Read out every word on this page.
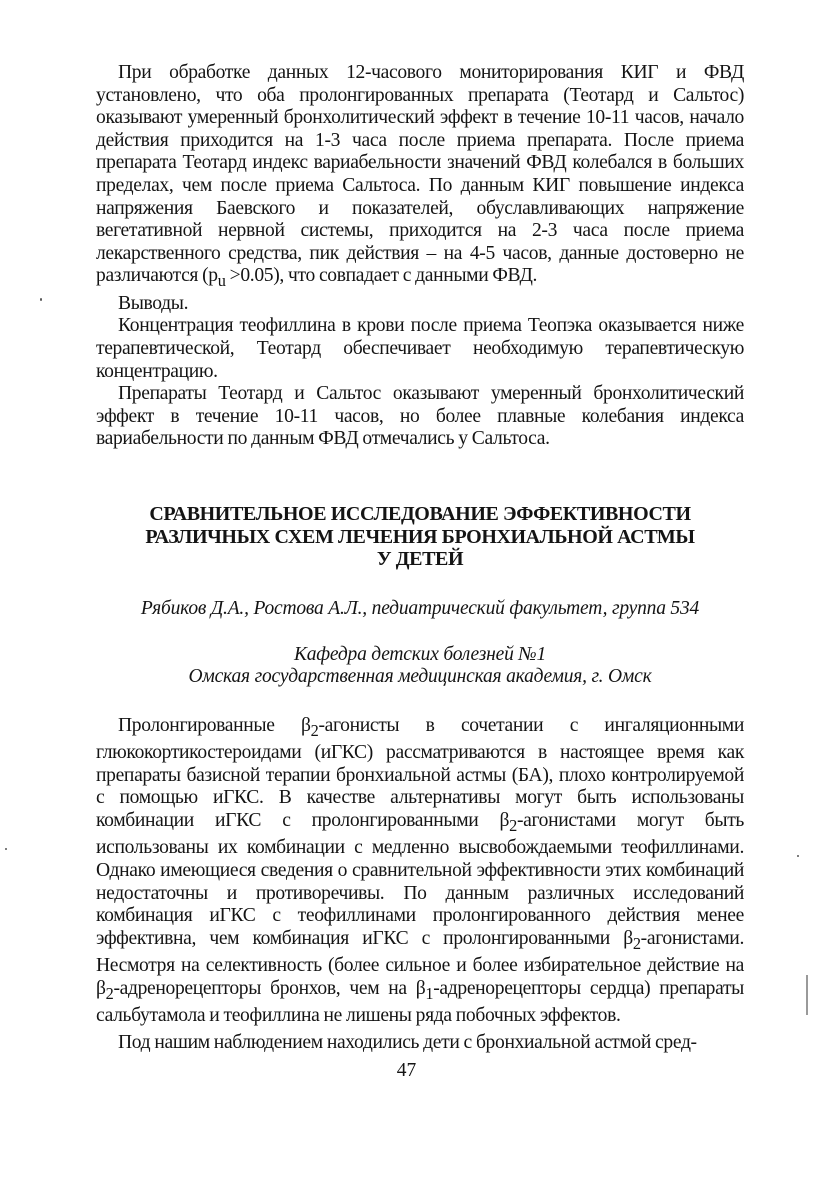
При обработке данных 12-часового мониторирования КИГ и ФВД установлено, что оба пролонгированных препарата (Теотард и Сальтос) оказывают умеренный бронхолитический эффект в течение 10-11 часов, начало действия приходится на 1-3 часа после приема препарата. После приема препарата Теотард индекс вариабельности значений ФВД колебался в больших пределах, чем после приема Сальтоса. По данным КИГ повышение индекса напряжения Баевского и показателей, обуславливающих напряжение вегетативной нервной системы, приходится на 2-3 часа после приема лекарственного средства, пик действия – на 4-5 часов, данные достоверно не различаются $(p_u >0.05)$, что совпадает с данными ФВД.

Выводы.

Концентрация теофиллина в крови после приема Теопэка оказывается ниже терапевтической, Теотард обеспечивает необходимую терапевтическую концентрацию.

Препараты Теотард и Сальтос оказывают умеренный бронхолитический эффект в течение 10-11 часов, но более плавные колебания индекса вариабельности по данным ФВД отмечались у Сальтоса.

СРАВНИТЕЛЬНОЕ ИССЛЕДОВАНИЕ ЭФФЕКТИВНОСТИ

РАЗЛИЧНЫХ СХЕМ ЛЕЧЕНИЯ БРОНХИАЛЬНОЙ АСТМЫ

У ДЕТЕЙ

Рябиков Д.А., Ростова А.Л., педиатрический факультет, группа 534

Кафедра детских болезней №1

Омская государственная медицинская академия, г. Омск

Пролонгированные $\beta_2$-агонисты в сочетании с ингаляционными глюкокортикостероидами (иГКС) рассматриваются в настоящее время как препараты базисной терапии бронхиальной астмы (БА), плохо контролируемой с помощью иГКС. В качестве альтернативы могут быть использованы комбинации иГКС с пролонгированными $\beta_2$-агонистами могут быть использованы их комбинации с медленно высвобождаемыми теофиллинами. Однако имеющиеся сведения о сравнительной эффективности этих комбинаций недостаточны и противоречивы. По данным различных исследований комбинация иГКС с теофиллинами пролонгированного действия менее эффективна, чем комбинация иГКС с пролонгированными $\beta_2$-агонистами. Несмотря на селективность (более сильное и более избирательное действие на $\beta_2$-адренорецепторы бронхов, чем на $\beta_1$-адренорецепторы сердца) препараты сальбутамола и теофиллина не лишены ряда побочных эффектов.

Под нашим наблюдением находились дети с бронхиальной астмой сред-

47
